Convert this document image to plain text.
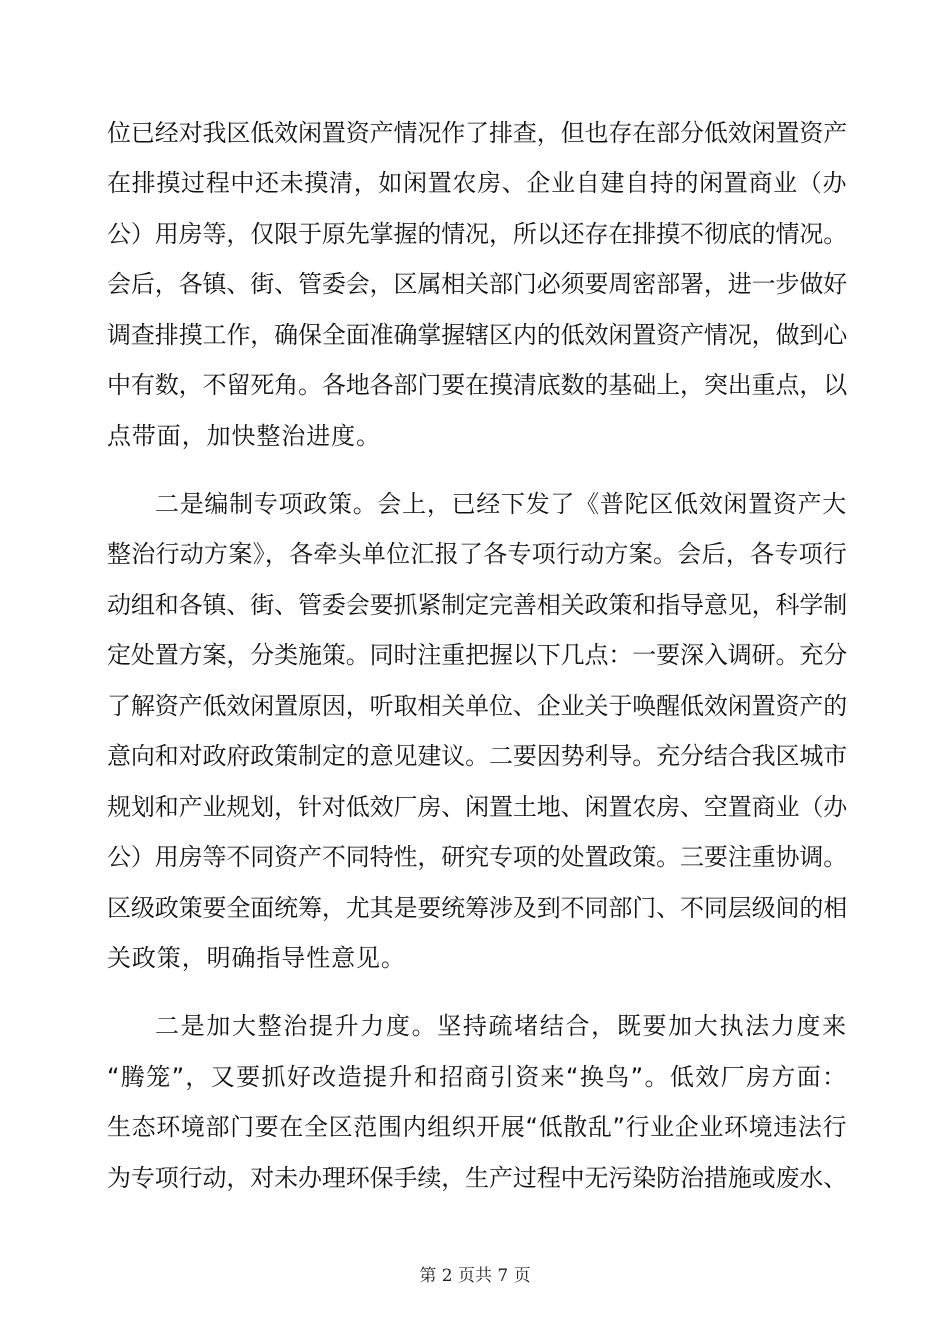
位已经对我区低效闲置资产情况作了排查，但也存在部分低效闲置资产
在排摸过程中还未摸清，如闲置农房、企业自建自持的闲置商业（办
公）用房等，仅限于原先掌握的情况，所以还存在排摸不彻底的情况。
会后，各镇、街、管委会，区属相关部门必须要周密部署，进一步做好
调查排摸工作，确保全面准确掌握辖区内的低效闲置资产情况，做到心
中有数，不留死角。各地各部门要在摸清底数的基础上，突出重点，以
点带面，加快整治进度。
二是编制专项政策。会上，已经下发了《普陀区低效闲置资产大
整治行动方案》，各牵头单位汇报了各专项行动方案。会后，各专项行
动组和各镇、街、管委会要抓紧制定完善相关政策和指导意见，科学制
定处置方案，分类施策。同时注重把握以下几点：一要深入调研。充分
了解资产低效闲置原因，听取相关单位、企业关于唤醒低效闲置资产的
意向和对政府政策制定的意见建议。二要因势利导。充分结合我区城市
规划和产业规划，针对低效厂房、闲置土地、闲置农房、空置商业（办
公）用房等不同资产不同特性，研究专项的处置政策。三要注重协调。
区级政策要全面统筹，尤其是要统筹涉及到不同部门、不同层级间的相
关政策，明确指导性意见。
二是加大整治提升力度。坚持疏堵结合，既要加大执法力度来
“腾笼”，又要抓好改造提升和招商引资来“换鸟”。低效厂房方面：
生态环境部门要在全区范围内组织开展“低散乱”行业企业环境违法行
为专项行动，对未办理环保手续，生产过程中无污染防治措施或废水、
第 2 页共 7 页
